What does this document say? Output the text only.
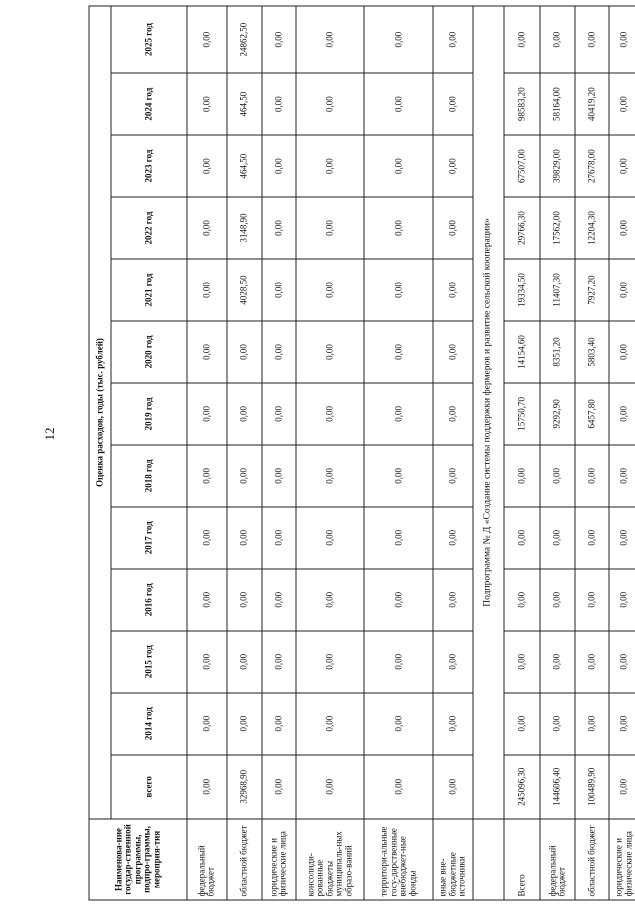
12
Наименова-ние государ-ственной программы, подпро-граммы, мероприя-тия	Оценка расходов, годы (тыс. рублей)												
	всего	2014 год	2015 год	2016 год	2017 год	2018 год	2019 год	2020 год	2021 год	2022 год	2023 год	2024 год	2025 год
федеральный бюджет	0,00	0,00	0,00	0,00	0,00	0,00	0,00	0,00	0,00	0,00	0,00	0,00	0,00
областной бюджет	32968,90	0,00	0,00	0,00	0,00	0,00	0,00	0,00	4028,50	3148,90	464,50	464,50	24862,50
юридические и физические лица	0,00	0,00	0,00	0,00	0,00	0,00	0,00	0,00	0,00	0,00	0,00	0,00	0,00
консолиди-рованные бюджеты муниципаль-ных образо-ваний	0,00	0,00	0,00	0,00	0,00	0,00	0,00	0,00	0,00	0,00	0,00	0,00	0,00
территори-альные госу-дарственные внебюджет-ные фонды	0,00	0,00	0,00	0,00	0,00	0,00	0,00	0,00	0,00	0,00	0,00	0,00	0,00
иные вне-бюджетные источники	0,00	0,00	0,00	0,00	0,00	0,00	0,00	0,00	0,00	0,00	0,00	0,00	0,00
	Подпрограмма № Д «Создание системы поддержки фермеров и развитие сельской кооперации»												
Всего	245096,30	0,00	0,00	0,00	0,00	0,00	15750,70	14154,60	19334,50	29766,30	67507,00	98583,20	0,00
федеральный бюджет	144606,40	0,00	0,00	0,00	0,00	0,00	9292,90	8351,20	11407,30	17562,00	39829,00	58164,00	0,00
областной бюджет	100489,90	0,00	0,00	0,00	0,00	0,00	6457,80	5803,40	7927,20	12204,30	27678,00	40419,20	0,00
юридические и физические лица	0,00	0,00	0,00	0,00	0,00	0,00	0,00	0,00	0,00	0,00	0,00	0,00	0,00
